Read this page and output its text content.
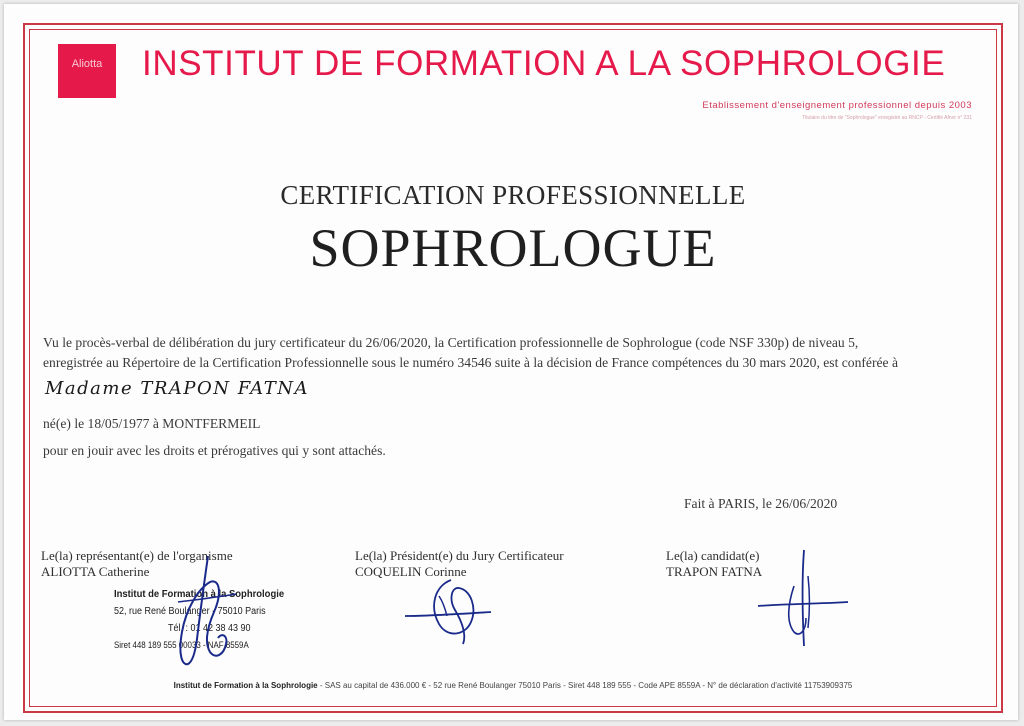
Aliotta	INSTITUT DE FORMATION A LA SOPHROLOGIE
Etablissement d'enseignement professionnel depuis 2003
Titulaire du titre de "Sophrologue" enregistré au RNCP - Certifié Afnor n° 231
CERTIFICATION PROFESSIONNELLE
SOPHROLOGUE
Vu le procès-verbal de délibération du jury certificateur du 26/06/2020, la Certification professionnelle de Sophrologue (code NSF 330p) de niveau 5,
enregistrée au Répertoire de la Certification Professionnelle sous le numéro 34546 suite à la décision de France compétences du 30 mars 2020, est conférée à
Madame TRAPON FATNA
né(e) le 18/05/1977 à MONTFERMEIL
pour en jouir avec les droits et prérogatives qui y sont attachés.
Fait à PARIS, le 26/06/2020
Le(la) représentant(e) de l'organisme
ALIOTTA Catherine
Le(la) Président(e) du Jury Certificateur
COQUELIN Corinne
Le(la) candidat(e)
TRAPON FATNA
Institut de Formation à la Sophrologie
52, rue René Boulanger - 75010 Paris
Tél. : 01 42 38 43 90
Siret 448 189 555 00033 - NAF 8559A
Institut de Formation à la Sophrologie - SAS au capital de 436.000 € - 52 rue René Boulanger 75010 Paris - Siret 448 189 555 - Code APE 8559A - N° de déclaration d'activité 11753909375
